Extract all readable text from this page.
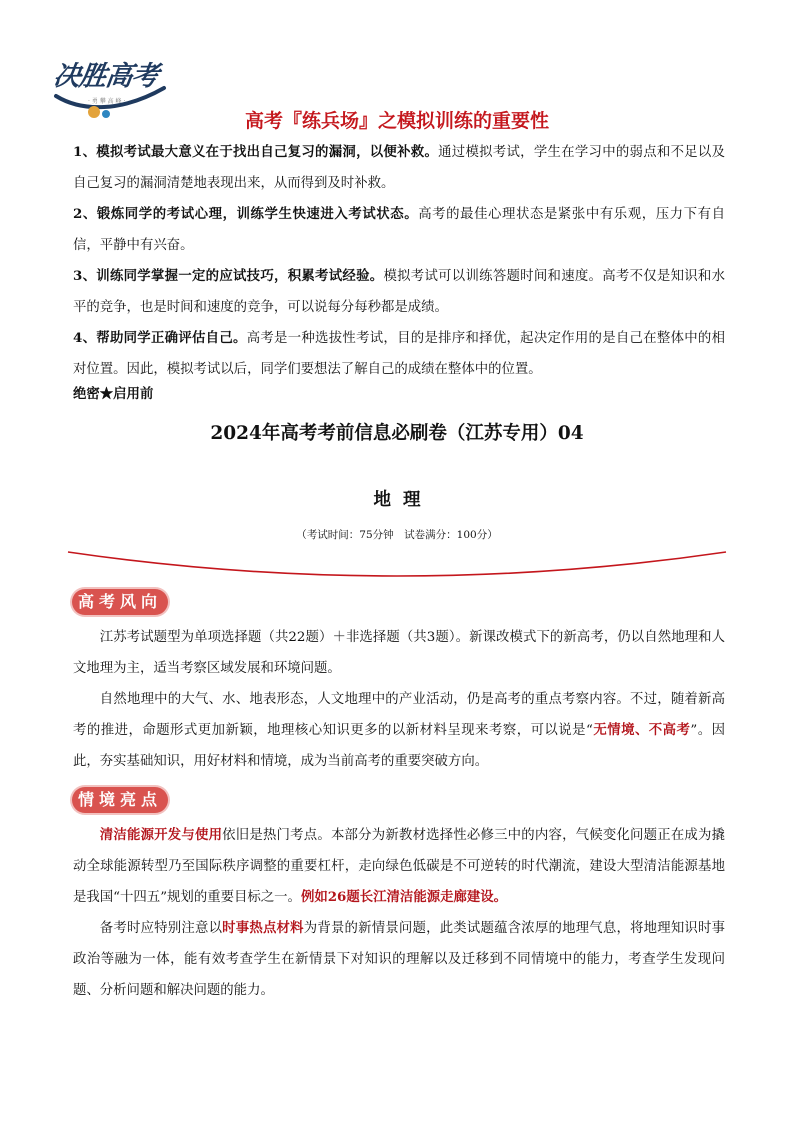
决胜高考
· 勇 攀 高 峰 ·
高考『练兵场』之模拟训练的重要性

1、模拟考试最大意义在于找出自己复习的漏洞，以便补救。通过模拟考试，学生在学习中的弱点和不足以及自己复习的漏洞清楚地表现出来，从而得到及时补救。

2、锻炼同学的考试心理，训练学生快速进入考试状态。高考的最佳心理状态是紧张中有乐观，压力下有自信，平静中有兴奋。

3、训练同学掌握一定的应试技巧，积累考试经验。模拟考试可以训练答题时间和速度。高考不仅是知识和水平的竞争，也是时间和速度的竞争，可以说每分每秒都是成绩。

4、帮助同学正确评估自己。高考是一种选拔性考试，目的是排序和择优，起决定作用的是自己在整体中的相对位置。因此，模拟考试以后，同学们要想法了解自己的成绩在整体中的位置。

绝密★启用前
2024年高考考前信息必刷卷（江苏专用）04
地理
（考试时间：75分钟　试卷满分：100分）
高考风向

江苏考试题型为单项选择题（共22题）＋非选择题（共3题）。新课改模式下的新高考，仍以自然地理和人文地理为主，适当考察区域发展和环境问题。

自然地理中的大气、水、地表形态，人文地理中的产业活动，仍是高考的重点考察内容。不过，随着新高考的推进，命题形式更加新颖，地理核心知识更多的以新材料呈现来考察，可以说是“无情境、不高考”。因此，夯实基础知识，用好材料和情境，成为当前高考的重要突破方向。

情境亮点

清洁能源开发与使用依旧是热门考点。本部分为新教材选择性必修三中的内容，气候变化问题正在成为撬动全球能源转型乃至国际秩序调整的重要杠杆，走向绿色低碳是不可逆转的时代潮流，建设大型清洁能源基地是我国“十四五”规划的重要目标之一。例如26题长江清洁能源走廊建设。

备考时应特别注意以时事热点材料为背景的新情景问题，此类试题蕴含浓厚的地理气息，将地理知识时事政治等融为一体，能有效考查学生在新情景下对知识的理解以及迁移到不同情境中的能力，考查学生发现问题、分析问题和解决问题的能力。
